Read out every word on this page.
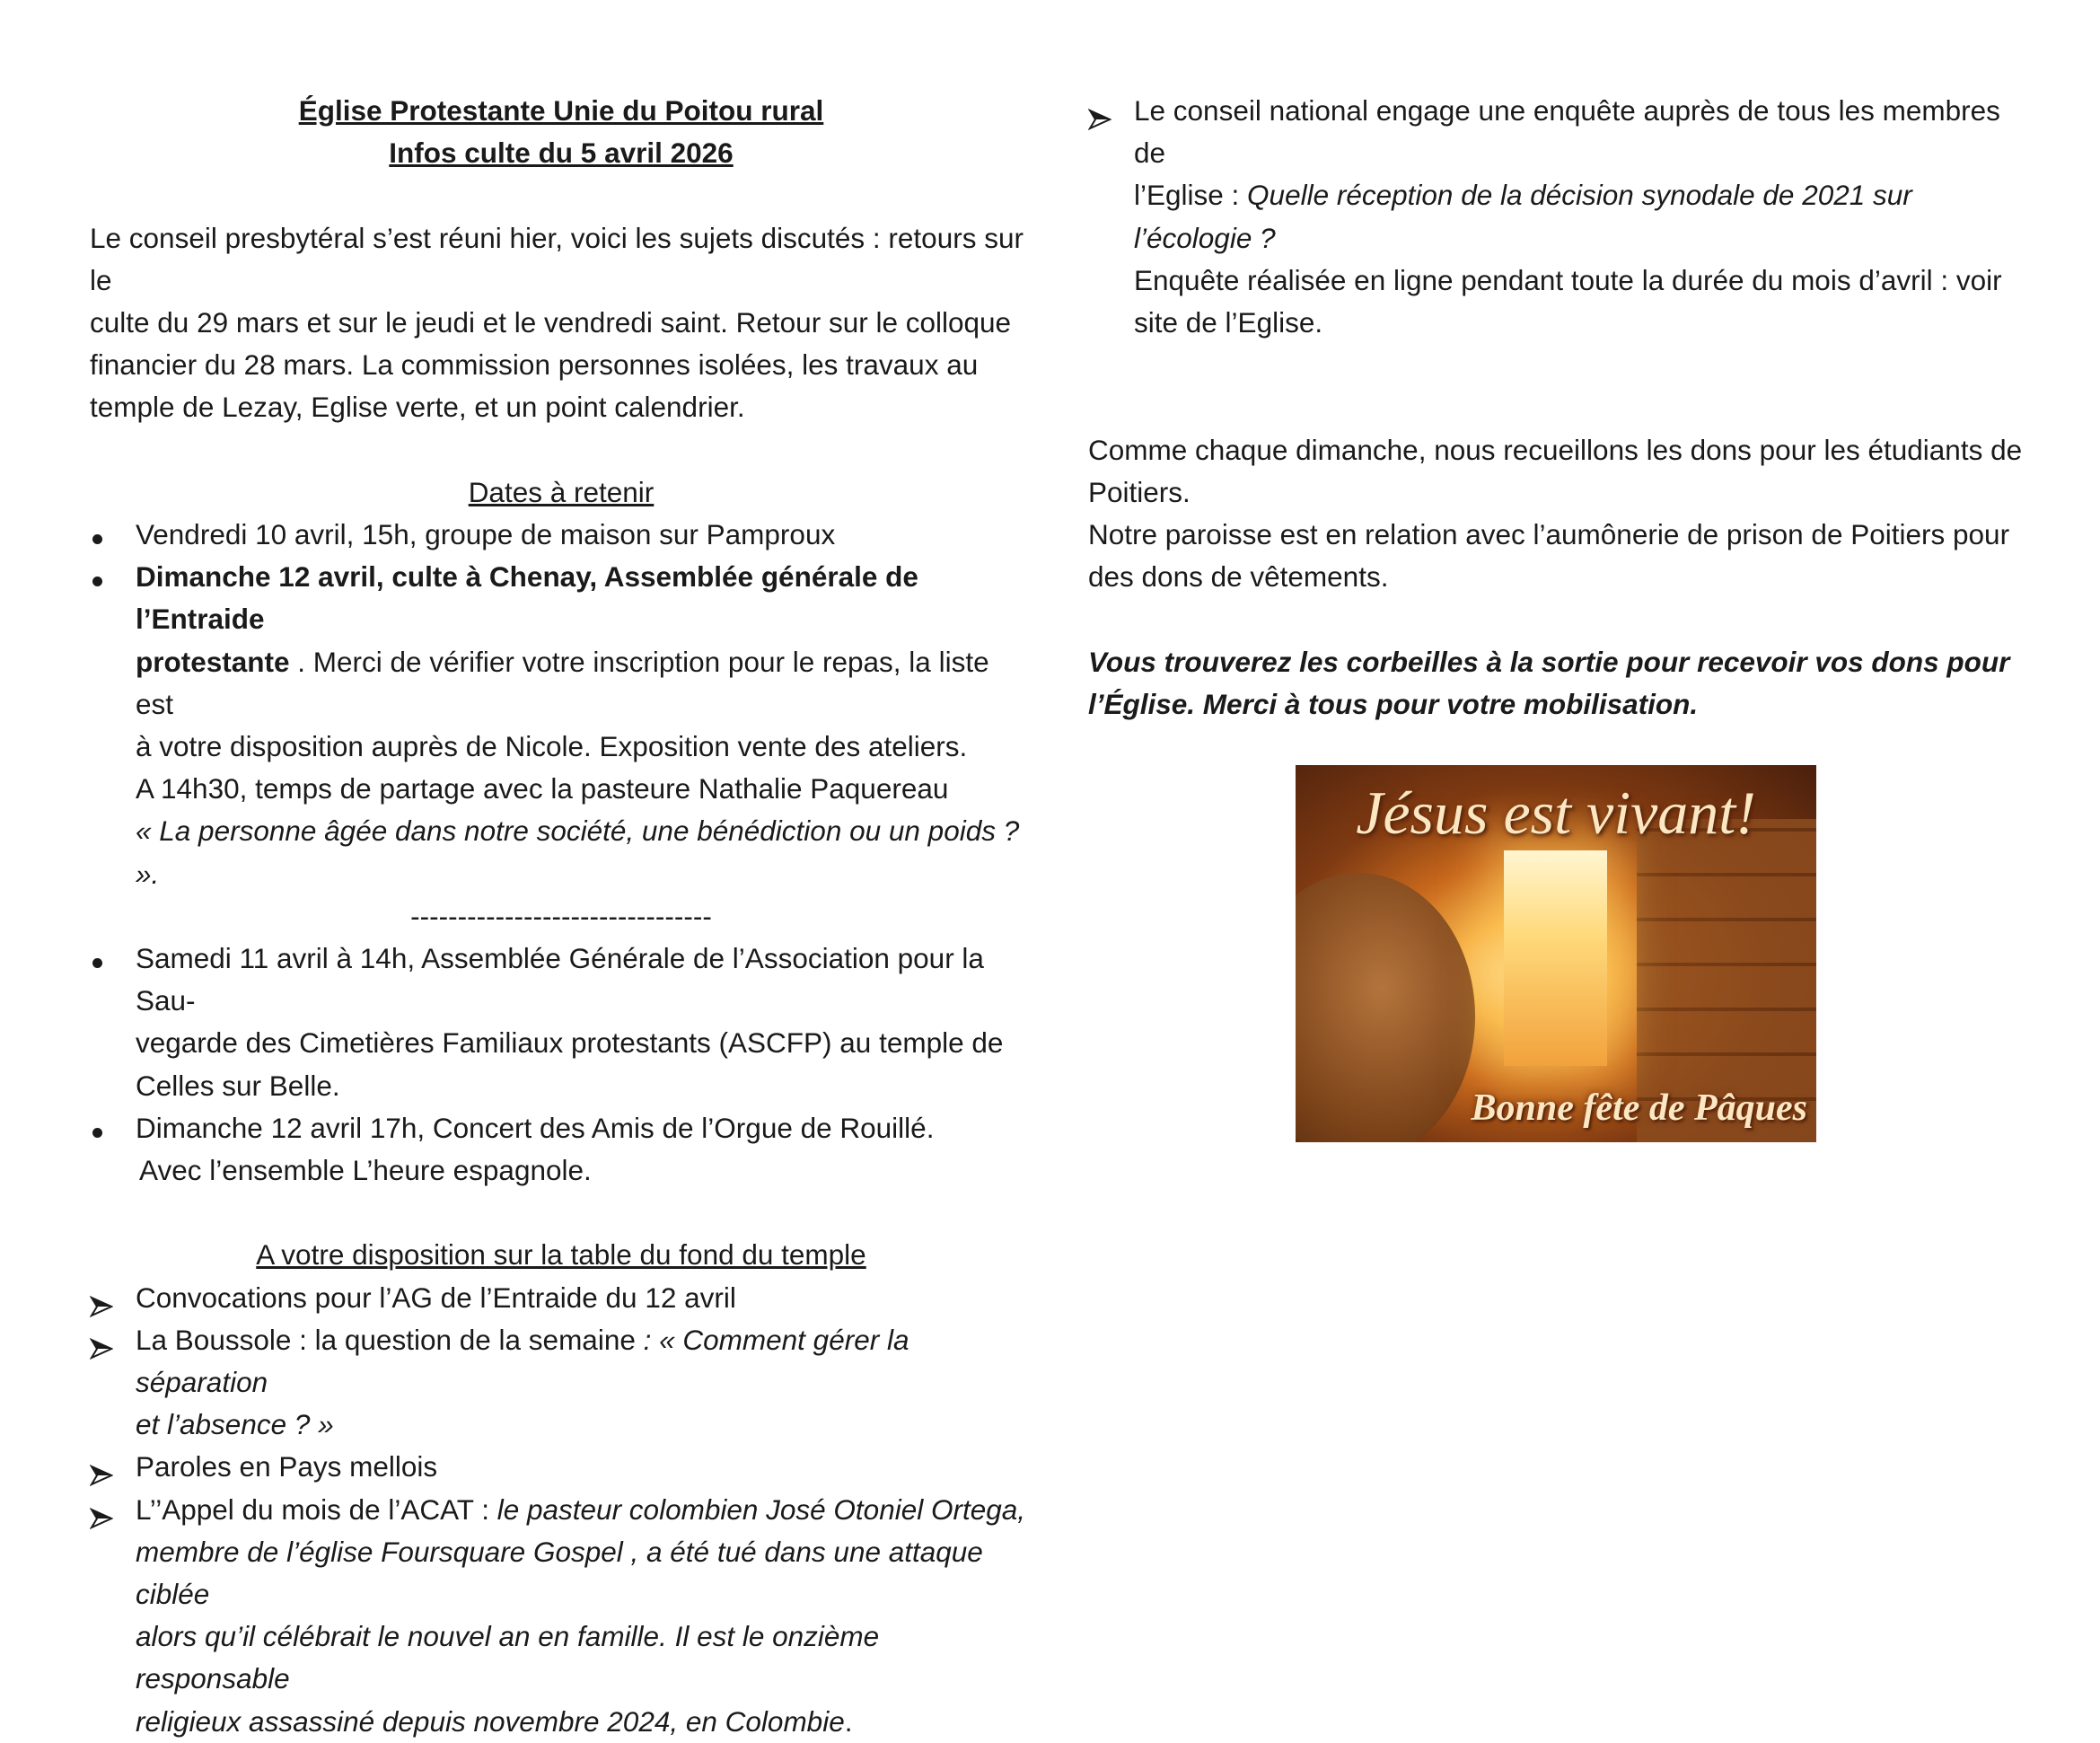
Église Protestante Unie du Poitou rural
Infos culte du 5 avril 2026
Le conseil presbytéral s’est réuni hier, voici les sujets discutés : retours sur le
culte du 29 mars et sur le jeudi et le vendredi saint. Retour sur le colloque
financier du 28 mars. La commission personnes isolées, les travaux au
temple de Lezay, Eglise verte, et un point calendrier.
Dates à retenir
Vendredi 10 avril, 15h, groupe de maison sur Pamproux
Dimanche 12 avril, culte à Chenay, Assemblée générale de l’Entraide
protestante . Merci de vérifier votre inscription pour le repas, la liste est
à votre disposition auprès de Nicole. Exposition vente des ateliers.
A 14h30, temps de partage avec la pasteure Nathalie Paquereau
« La personne âgée dans notre société, une bénédiction ou un poids ? ».
--------------------------------
Samedi 11 avril à 14h, Assemblée Générale de l’Association pour la Sau-
vegarde des Cimetières Familiaux protestants (ASCFP) au temple de
Celles sur Belle.
Dimanche 12 avril 17h, Concert des Amis de l’Orgue de Rouillé.
Avec l’ensemble L’heure espagnole.
A votre disposition sur la table du fond du temple
Convocations pour l’AG de l’Entraide du 12 avril
La Boussole : la question de la semaine : « Comment gérer la séparation
et l’absence ? »
Paroles en Pays mellois
L’’Appel du mois de l’ACAT : le pasteur colombien José Otoniel Ortega,
membre de l’église Foursquare Gospel , a été tué dans une attaque ciblée
alors qu’il célébrait le nouvel an en famille. Il est le onzième responsable
religieux assassiné depuis novembre 2024, en Colombie.
Le conseil national engage une enquête auprès de tous les membres de
l’Eglise : Quelle réception de la décision synodale de 2021 sur l’écologie ?
Enquête réalisée en ligne pendant toute la durée du mois d’avril : voir
site de l’Eglise.
Comme chaque dimanche, nous recueillons les dons pour les étudiants de
Poitiers.
Notre paroisse est en relation avec l’aumônerie de prison de Poitiers pour
des dons de vêtements.
Vous trouverez les corbeilles à la sortie pour recevoir vos dons pour
l’Église. Merci à tous pour votre mobilisation.
Jésus est vivant!
Bonne fête de Pâques
